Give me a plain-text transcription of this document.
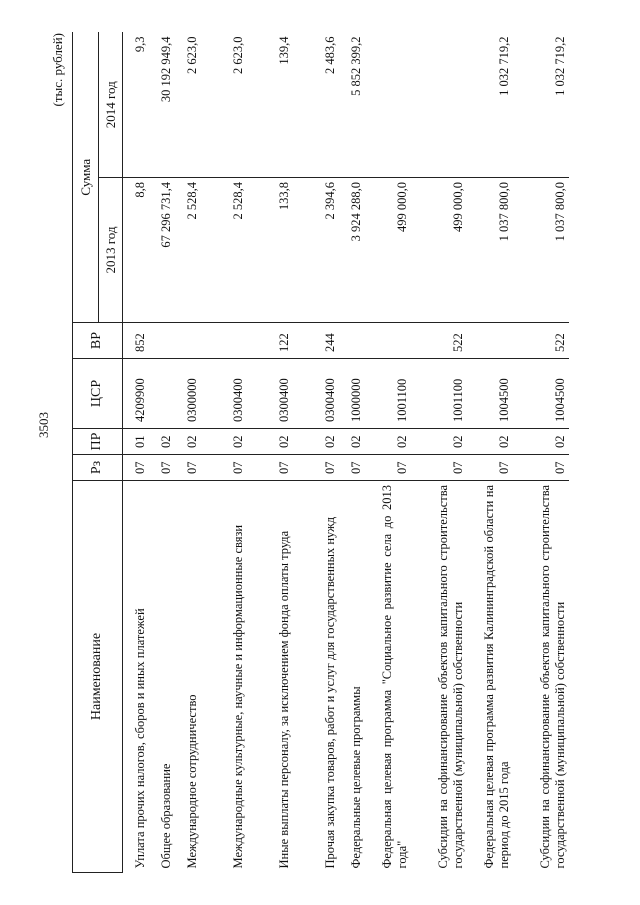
3503
(тыс. рублей)
Наименование	Рз	ПР	ЦСР	ВР	Сумма	
					2013 год	2014 год
Уплата прочих налогов, сборов и иных платежей	07	01	4209900	852	8,8	9,3
Общее образование	07	02			67 296 731,4	30 192 949,4
Международное сотрудничество	07	02	0300000		2 528,4	2 623,0
Международные культурные, научные и информационные связи	07	02	0300400		2 528,4	2 623,0
Иные выплаты персоналу, за исключением фонда оплаты труда	07	02	0300400	122	133,8	139,4
Прочая закупка товаров, работ и услуг для государственных нужд	07	02	0300400	244	2 394,6	2 483,6
Федеральные целевые программы	07	02	1000000		3 924 288,0	5 852 399,2
Федеральная целевая программа "Социальное развитие села до 2013 года"	07	02	1001100		499 000,0	
Субсидии на софинансирование объектов капитального строительства государственной (муниципальной) собственности	07	02	1001100	522	499 000,0	
Федеральная целевая программа развития Калининградской области на период до 2015 года	07	02	1004500		1 037 800,0	1 032 719,2
Субсидии на софинансирование объектов капитального строительства государственной (муниципальной) собственности	07	02	1004500	522	1 037 800,0	1 032 719,2
